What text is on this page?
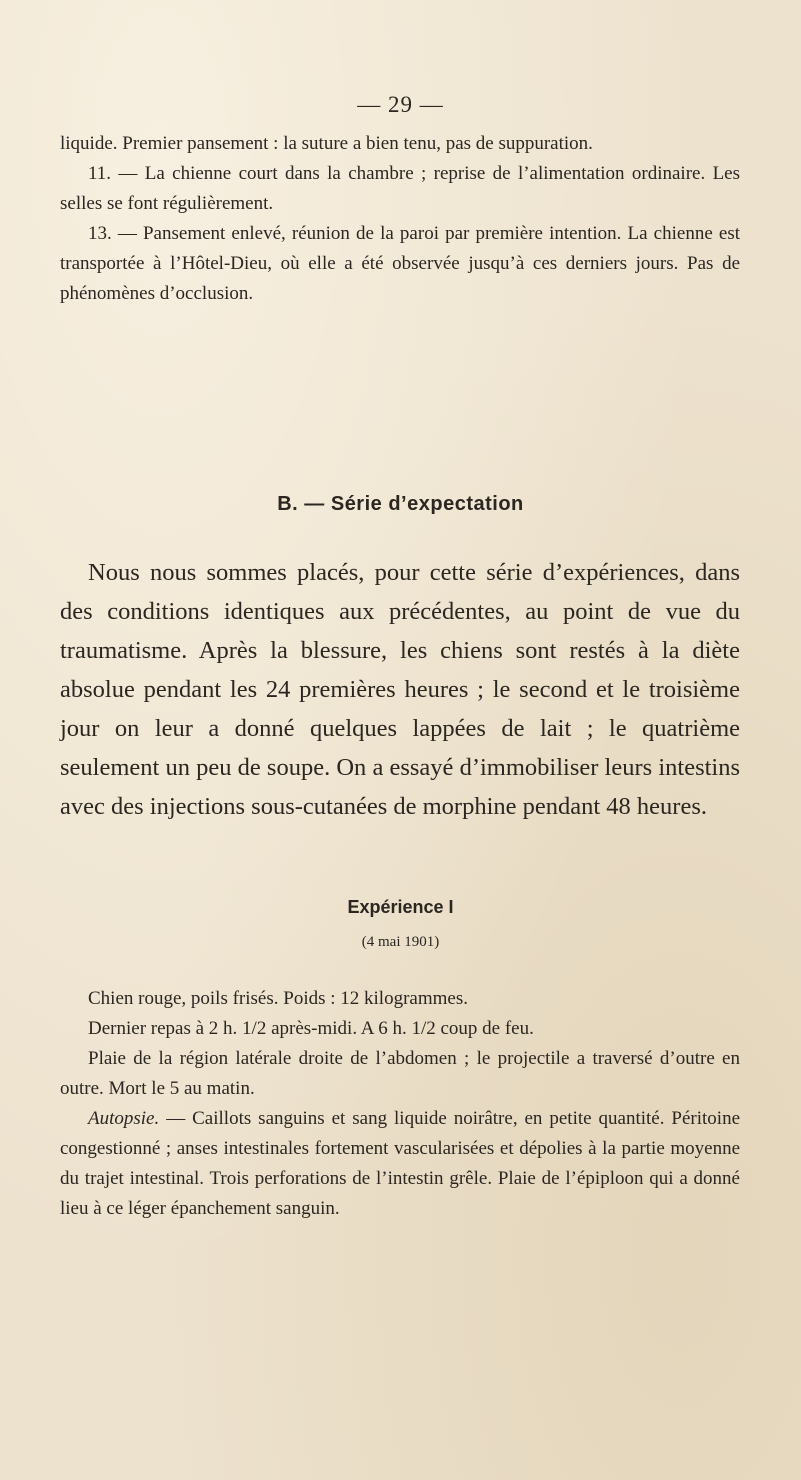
— 29 —

liquide. Premier pansement : la suture a bien tenu, pas de suppuration.

11. — La chienne court dans la chambre ; reprise de l’alimentation ordinaire. Les selles se font régulièrement.

13. — Pansement enlevé, réunion de la paroi par première intention. La chienne est transportée à l’Hôtel-Dieu, où elle a été observée jusqu’à ces derniers jours. Pas de phénomènes d’occlusion.

B. — Série d’expectation

Nous nous sommes placés, pour cette série d’expériences, dans des conditions identiques aux précédentes, au point de vue du traumatisme. Après la blessure, les chiens sont restés à la diète absolue pendant les 24 premières heures ; le second et le troisième jour on leur a donné quelques lappées de lait ; le quatrième seulement un peu de soupe. On a essayé d’immobiliser leurs intestins avec des injections sous-cutanées de morphine pendant 48 heures.

Expérience I
(4 mai 1901)

Chien rouge, poils frisés. Poids : 12 kilogrammes.

Dernier repas à 2 h. 1/2 après-midi. A 6 h. 1/2 coup de feu.

Plaie de la région latérale droite de l’abdomen ; le projectile a traversé d’outre en outre. Mort le 5 au matin.

Autopsie. — Caillots sanguins et sang liquide noirâtre, en petite quantité. Péritoine congestionné ; anses intestinales fortement vascularisées et dépolies à la partie moyenne du trajet intestinal. Trois perforations de l’intestin grêle. Plaie de l’épiploon qui a donné lieu à ce léger épanchement sanguin.
